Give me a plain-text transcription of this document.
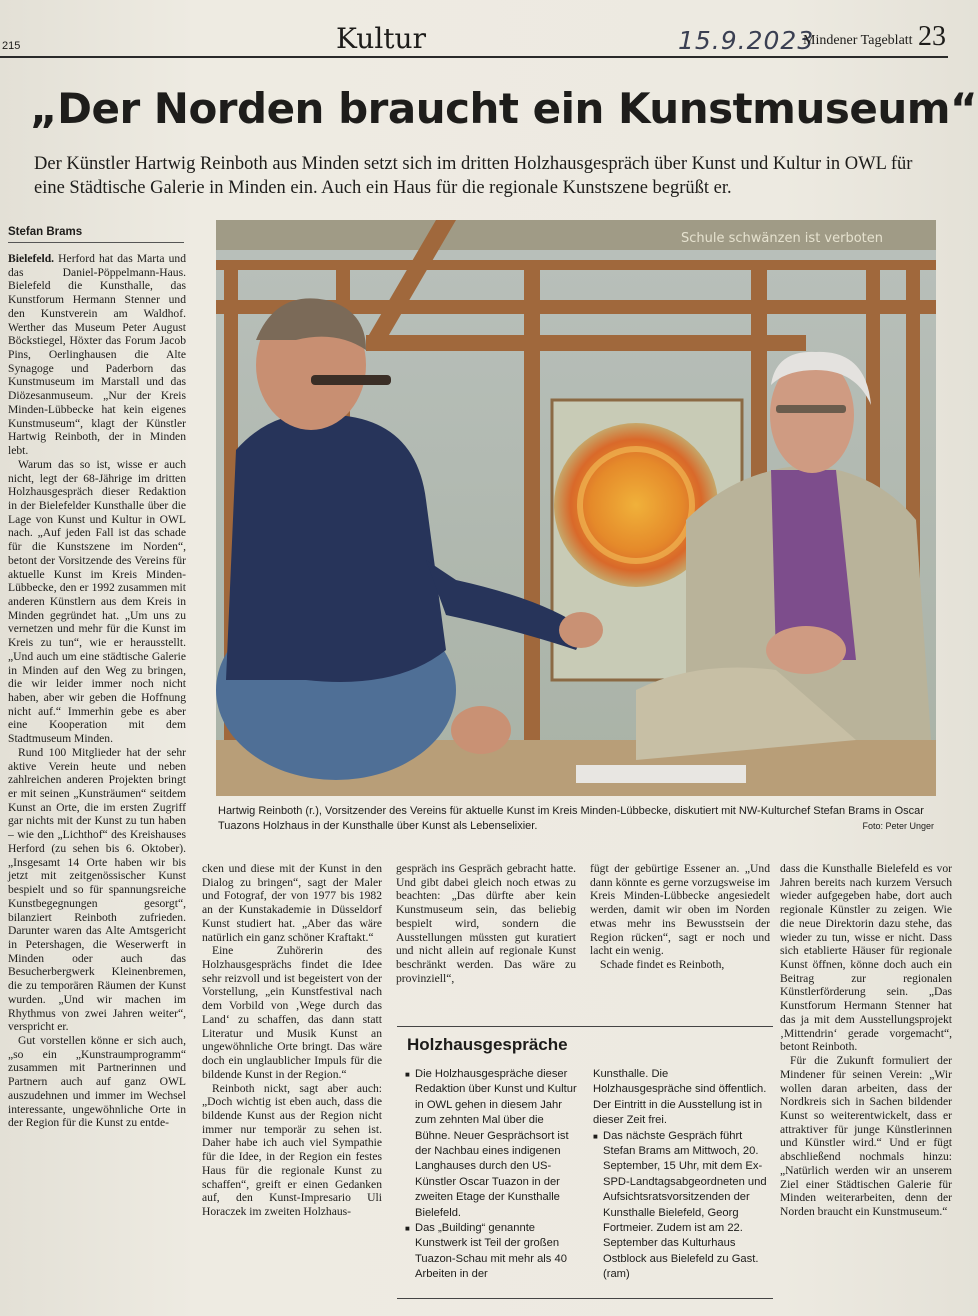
215	Kultur	15.9.2023
Mindener Tageblatt 23
„Der Norden braucht ein Kunstmuseum“
Der Künstler Hartwig Reinboth aus Minden setzt sich im dritten Holzhausgespräch über Kunst und Kultur in OWL für eine Städtische Galerie in Minden ein. Auch ein Haus für die regionale Kunstszene begrüßt er.
Stefan Brams

Bielefeld. Herford hat das Marta und das Daniel-Pöppelmann-Haus. Bielefeld die Kunsthalle, das Kunstforum Hermann Stenner und den Kunstverein am Waldhof. Werther das Museum Peter August Böckstiegel, Höxter das Forum Jacob Pins, Oerlinghausen die Alte Synagoge und Paderborn das Kunstmuseum im Marstall und das Diözesanmuseum. „Nur der Kreis Minden-Lübbecke hat kein eigenes Kunstmuseum“, klagt der Künstler Hartwig Reinboth, der in Minden lebt.

Warum das so ist, wisse er auch nicht, legt der 68-Jährige im dritten Holzhausgespräch dieser Redaktion in der Bielefelder Kunsthalle über die Lage von Kunst und Kultur in OWL nach. „Auf jeden Fall ist das schade für die Kunstszene im Norden“, betont der Vorsitzende des Vereins für aktuelle Kunst im Kreis Minden-Lübbecke, den er 1992 zusammen mit anderen Künstlern aus dem Kreis in Minden gegründet hat. „Um uns zu vernetzen und mehr für die Kunst im Kreis zu tun“, wie er herausstellt. „Und auch um eine städtische Galerie in Minden auf den Weg zu bringen, die wir leider immer noch nicht haben, aber wir geben die Hoffnung nicht auf.“ Immerhin gebe es aber eine Kooperation mit dem Stadtmuseum Minden.

Rund 100 Mitglieder hat der sehr aktive Verein heute und neben zahlreichen anderen Projekten bringt er mit seinen „Kunsträumen“ seitdem Kunst an Orte, die im ersten Zugriff gar nichts mit der Kunst zu tun haben – wie den „Lichthof“ des Kreishauses Herford (zu sehen bis 6. Oktober). „Insgesamt 14 Orte haben wir bis jetzt mit zeitgenössischer Kunst bespielt und so für spannungsreiche Kunstbegegnungen gesorgt“, bilanziert Reinboth zufrieden. Darunter waren das Alte Amtsgericht in Petershagen, die Weserwerft in Minden oder auch das Besucherbergwerk Kleinenbremen, die zu temporären Räumen der Kunst wurden. „Und wir machen im Rhythmus von zwei Jahren weiter“, verspricht er.

Gut vorstellen könne er sich auch, „so ein „Kunstraumprogramm“ zusammen mit Partnerinnen und Partnern auch auf ganz OWL auszudehnen und immer im Wechsel interessante, ungewöhnliche Orte in der Region für die Kunst zu entde-

Schule schwänzen ist verboten
Hartwig Reinboth (r.), Vorsitzender des Vereins für aktuelle Kunst im Kreis Minden-Lübbecke, diskutiert mit NW-Kulturchef Stefan Brams in Oscar Tuazons Holzhaus in der Kunsthalle über Kunst als Lebenselixier.	Foto: Peter Unger

cken und diese mit der Kunst in den Dialog zu bringen“, sagt der Maler und Fotograf, der von 1977 bis 1982 an der Kunstakademie in Düsseldorf Kunst studiert hat. „Aber das wäre natürlich ein ganz schöner Kraftakt.“

Eine Zuhörerin des Holzhausgesprächs findet die Idee sehr reizvoll und ist begeistert von der Vorstellung, „ein Kunstfestival nach dem Vorbild von ‚Wege durch das Land‘ zu schaffen, das dann statt Literatur und Musik Kunst an ungewöhnliche Orte bringt. Das wäre doch ein unglaublicher Impuls für die bildende Kunst in der Region.“

Reinboth nickt, sagt aber auch: „Doch wichtig ist eben auch, dass die bildende Kunst aus der Region nicht immer nur temporär zu sehen ist. Daher habe ich auch viel Sympathie für die Idee, in der Region ein festes Haus für die regionale Kunst zu schaffen“, greift er einen Gedanken auf, den Kunst-Impresario Uli Horaczek im zweiten Holzhaus-

gespräch ins Gespräch gebracht hatte. Und gibt dabei gleich noch etwas zu beachten: „Das dürfte aber kein Kunstmuseum sein, das beliebig bespielt wird, sondern die Ausstellungen müssten gut kuratiert und nicht allein auf regionale Kunst beschränkt werden. Das wäre zu provinziell“,

fügt der gebürtige Essener an. „Und dann könnte es gerne vorzugsweise im Kreis Minden-Lübbecke angesiedelt werden, damit wir oben im Norden etwas mehr ins Bewusstsein der Region rücken“, sagt er noch und lacht ein wenig.

Schade findet es Reinboth,

dass die Kunsthalle Bielefeld es vor Jahren bereits nach kurzem Versuch wieder aufgegeben habe, dort auch regionale Künstler zu zeigen. Wie die neue Direktorin dazu stehe, das wieder zu tun, wisse er nicht. Dass sich etablierte Häuser für regionale Kunst öffnen, könne doch auch ein Beitrag zur regionalen Künstlerförderung sein. „Das Kunstforum Hermann Stenner hat das ja mit dem Ausstellungsprojekt ‚Mittendrin‘ gerade vorgemacht“, betont Reinboth.

Für die Zukunft formuliert der Mindener für seinen Verein: „Wir wollen daran arbeiten, dass der Nordkreis sich in Sachen bildender Kunst so weiterentwickelt, dass er attraktiver für junge Künstlerinnen und Künstler wird.“ Und er fügt abschließend nochmals hinzu: „Natürlich werden wir an unserem Ziel einer Städtischen Galerie für Minden weiterarbeiten, denn der Norden braucht ein Kunstmuseum.“

Holzhausgespräche
■ Die Holzhausgespräche dieser Redaktion über Kunst und Kultur in OWL gehen in diesem Jahr zum zehnten Mal über die Bühne. Neuer Gesprächsort ist der Nachbau eines indigenen Langhauses durch den US-Künstler Oscar Tuazon in der zweiten Etage der Kunsthalle Bielefeld.
■ Das „Building“ genannte Kunstwerk ist Teil der großen Tuazon-Schau mit mehr als 40 Arbeiten in der
Kunsthalle. Die Holzhausgespräche sind öffentlich. Der Eintritt in die Ausstellung ist in dieser Zeit frei.
■ Das nächste Gespräch führt Stefan Brams am Mittwoch, 20. September, 15 Uhr, mit dem Ex-SPD-Landtagsabgeordneten und Aufsichtsratsvorsitzenden der Kunsthalle Bielefeld, Georg Fortmeier. Zudem ist am 22. September das Kulturhaus Ostblock aus Bielefeld zu Gast. (ram)
